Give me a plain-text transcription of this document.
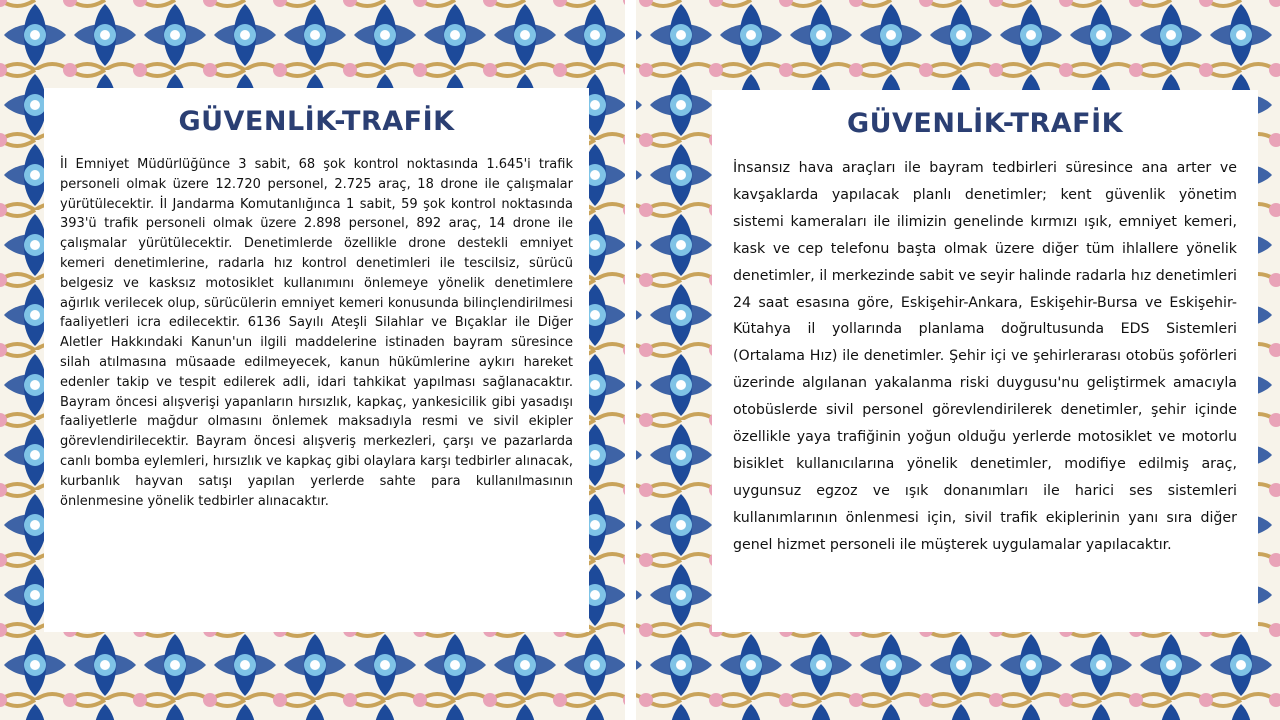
GÜVENLİK-TRAFİK

İl Emniyet Müdürlüğünce 3 sabit, 68 şok kontrol noktasında 1.645'i trafik personeli olmak üzere 12.720 personel, 2.725 araç, 18 drone ile çalışmalar yürütülecektir. İl Jandarma Komutanlığınca 1 sabit, 59 şok kontrol noktasında 393'ü trafik personeli olmak üzere 2.898 personel, 892 araç, 14 drone ile çalışmalar yürütülecektir. Denetimlerde özellikle drone destekli emniyet kemeri denetimlerine, radarla hız kontrol denetimleri ile tescilsiz, sürücü belgesiz ve kasksız motosiklet kullanımını önlemeye yönelik denetimlere ağırlık verilecek olup, sürücülerin emniyet kemeri konusunda bilinçlendirilmesi faaliyetleri icra edilecektir. 6136 Sayılı Ateşli Silahlar ve Bıçaklar ile Diğer Aletler Hakkındaki Kanun'un ilgili maddelerine istinaden bayram süresince silah atılmasına müsaade edilmeyecek, kanun hükümlerine aykırı hareket edenler takip ve tespit edilerek adli, idari tahkikat yapılması sağlanacaktır. Bayram öncesi alışverişi yapanların hırsızlık, kapkaç, yankesicilik gibi yasadışı faaliyetlerle mağdur olmasını önlemek maksadıyla resmi ve sivil ekipler görevlendirilecektir. Bayram öncesi alışveriş merkezleri, çarşı ve pazarlarda canlı bomba eylemleri, hırsızlık ve kapkaç gibi olaylara karşı tedbirler alınacak, kurbanlık hayvan satışı yapılan yerlerde sahte para kullanılmasının önlenmesine yönelik tedbirler alınacaktır.

GÜVENLİK-TRAFİK

İnsansız hava araçları ile bayram tedbirleri süresince ana arter ve kavşaklarda yapılacak planlı denetimler; kent güvenlik yönetim sistemi kameraları ile ilimizin genelinde kırmızı ışık, emniyet kemeri, kask ve cep telefonu başta olmak üzere diğer tüm ihlallere yönelik denetimler, il merkezinde sabit ve seyir halinde radarla hız denetimleri 24 saat esasına göre, Eskişehir-Ankara, Eskişehir-Bursa ve Eskişehir-Kütahya il yollarında planlama doğrultusunda EDS Sistemleri (Ortalama Hız) ile denetimler. Şehir içi ve şehirlerarası otobüs şoförleri üzerinde algılanan yakalanma riski duygusu'nu geliştirmek amacıyla otobüslerde sivil personel görevlendirilerek denetimler, şehir içinde özellikle yaya trafiğinin yoğun olduğu yerlerde motosiklet ve motorlu bisiklet kullanıcılarına yönelik denetimler, modifiye edilmiş araç, uygunsuz egzoz ve ışık donanımları ile harici ses sistemleri kullanımlarının önlenmesi için, sivil trafik ekiplerinin yanı sıra diğer genel hizmet personeli ile müşterek uygulamalar yapılacaktır.
